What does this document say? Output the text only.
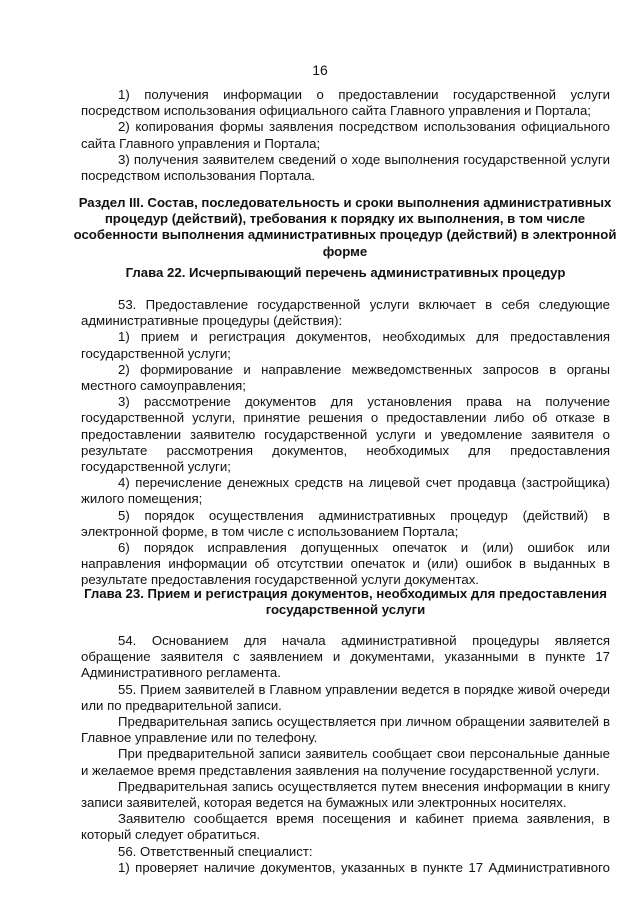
16
1) получения информации о предоставлении государственной услуги
посредством использования официального сайта Главного управления и Портала;
2) копирования формы заявления посредством использования официального
сайта Главного управления и Портала;
3) получения заявителем сведений о ходе выполнения государственной услуги
посредством использования Портала.
Раздел III. Состав, последовательность и сроки выполнения административных процедур (действий), требования к порядку их выполнения, в том числе особенности выполнения административных процедур (действий) в электронной форме
Глава 22. Исчерпывающий перечень административных процедур
53. Предоставление государственной услуги включает в себя следующие административные процедуры (действия):
1) прием и регистрация документов, необходимых для предоставления государственной услуги;
2) формирование и направление межведомственных запросов в органы местного самоуправления;
3) рассмотрение документов для установления права на получение государственной услуги, принятие решения о предоставлении либо об отказе в предоставлении заявителю государственной услуги и уведомление заявителя о результате рассмотрения документов, необходимых для предоставления государственной услуги;
4) перечисление денежных средств на лицевой счет продавца (застройщика) жилого помещения;
5) порядок осуществления административных процедур (действий) в электронной форме, в том числе с использованием Портала;
6) порядок исправления допущенных опечаток и (или) ошибок или направления информации об отсутствии опечаток и (или) ошибок в выданных в результате предоставления государственной услуги документах.
Глава 23. Прием и регистрация документов, необходимых для предоставления государственной услуги
54. Основанием для начала административной процедуры является обращение заявителя с заявлением и документами, указанными в пункте 17 Административного регламента.
55. Прием заявителей в Главном управлении ведется в порядке живой очереди или по предварительной записи.
Предварительная запись осуществляется при личном обращении заявителей в Главное управление или по телефону.
При предварительной записи заявитель сообщает свои персональные данные и желаемое время представления заявления на получение государственной услуги.
Предварительная запись осуществляется путем внесения информации в книгу записи заявителей, которая ведется на бумажных или электронных носителях.
Заявителю сообщается время посещения и кабинет приема заявления, в который следует обратиться.
56. Ответственный специалист:
1) проверяет наличие документов, указанных в пункте 17 Административного
